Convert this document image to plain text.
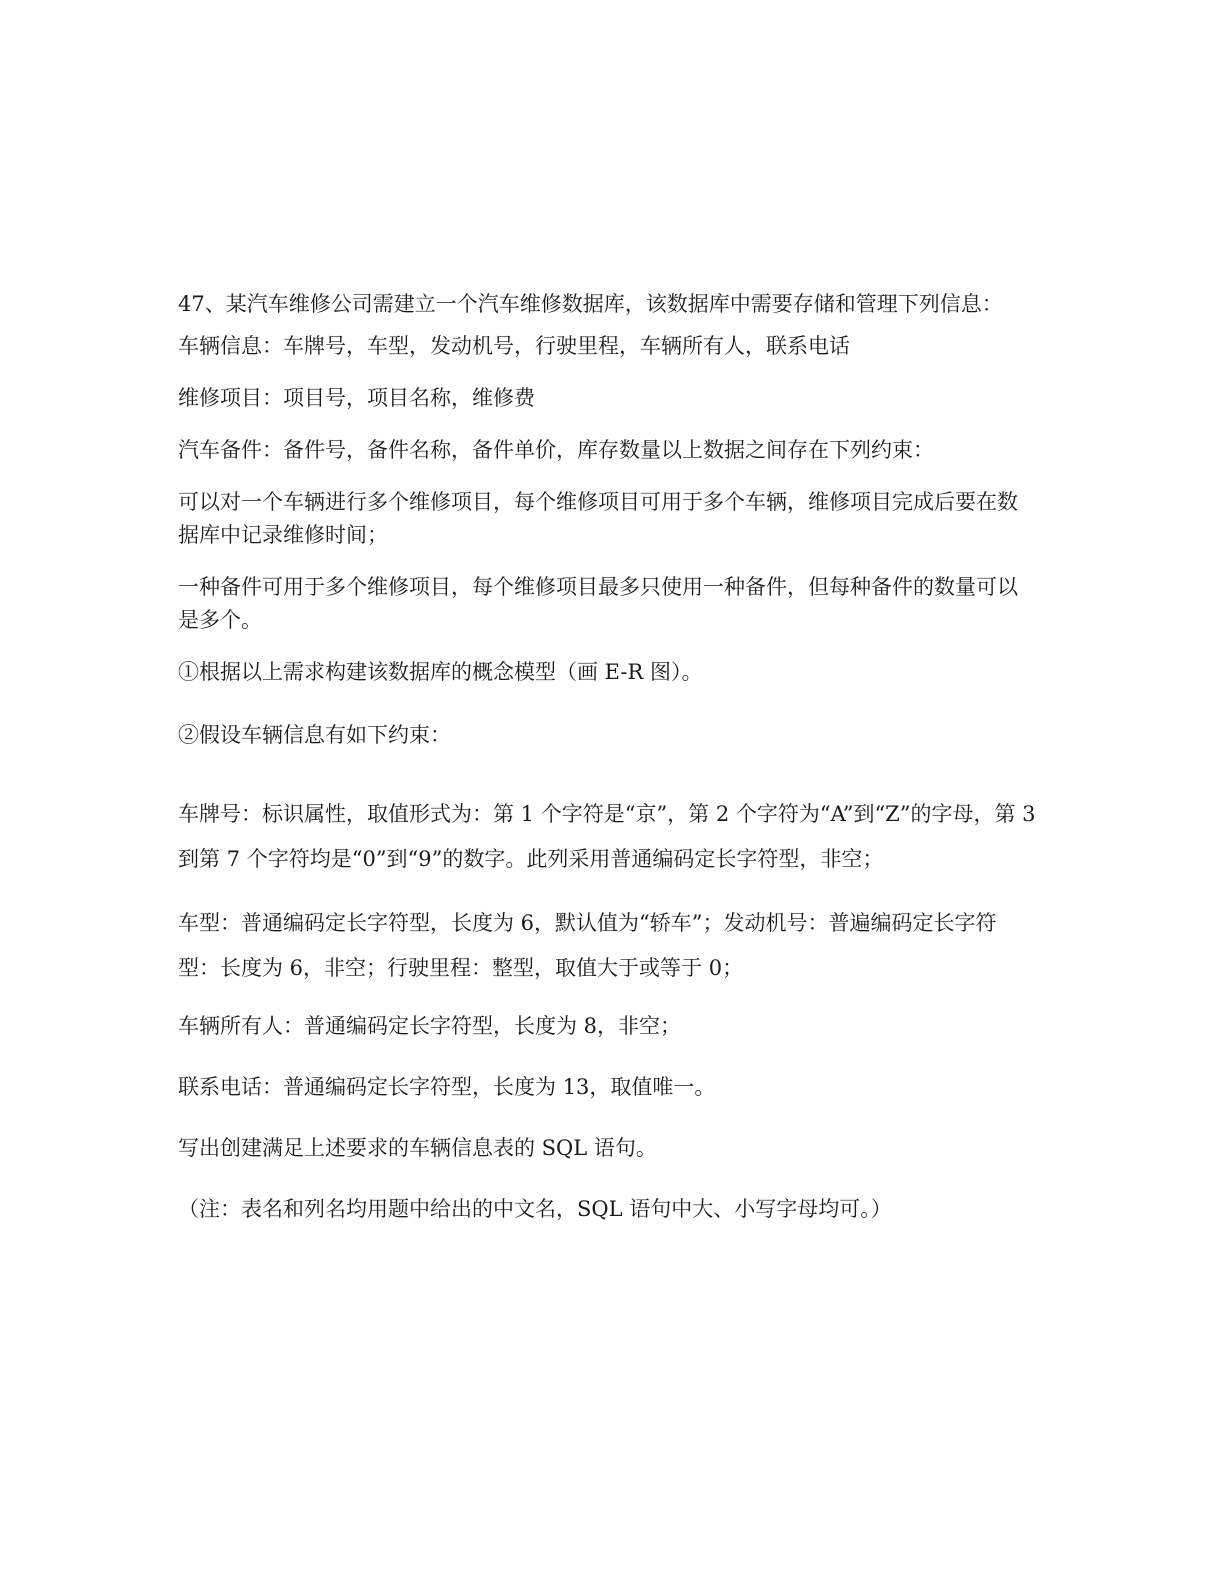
47、某汽车维修公司需建立一个汽车维修数据库，该数据库中需要存储和管理下列信息：

车辆信息：车牌号，车型，发动机号，行驶里程，车辆所有人，联系电话

维修项目：项目号，项目名称，维修费

汽车备件：备件号，备件名称，备件单价，库存数量以上数据之间存在下列约束：

可以对一个车辆进行多个维修项目，每个维修项目可用于多个车辆，维修项目完成后要在数据库中记录维修时间；

一种备件可用于多个维修项目，每个维修项目最多只使用一种备件，但每种备件的数量可以是多个。

①根据以上需求构建该数据库的概念模型（画 E-R 图）。

②假设车辆信息有如下约束：

车牌号：标识属性，取值形式为：第 1 个字符是“京”，第 2 个字符为“A”到“Z”的字母，第 3 到第 7 个字符均是“0”到“9”的数字。此列采用普通编码定长字符型，非空；

车型：普通编码定长字符型，长度为 6，默认值为“轿车”；发动机号：普遍编码定长字符型：长度为 6，非空；行驶里程：整型，取值大于或等于 0；

车辆所有人：普通编码定长字符型，长度为 8，非空；

联系电话：普通编码定长字符型，长度为 13，取值唯一。

写出创建满足上述要求的车辆信息表的 SQL 语句。

（注：表名和列名均用题中给出的中文名，SQL 语句中大、小写字母均可。）
